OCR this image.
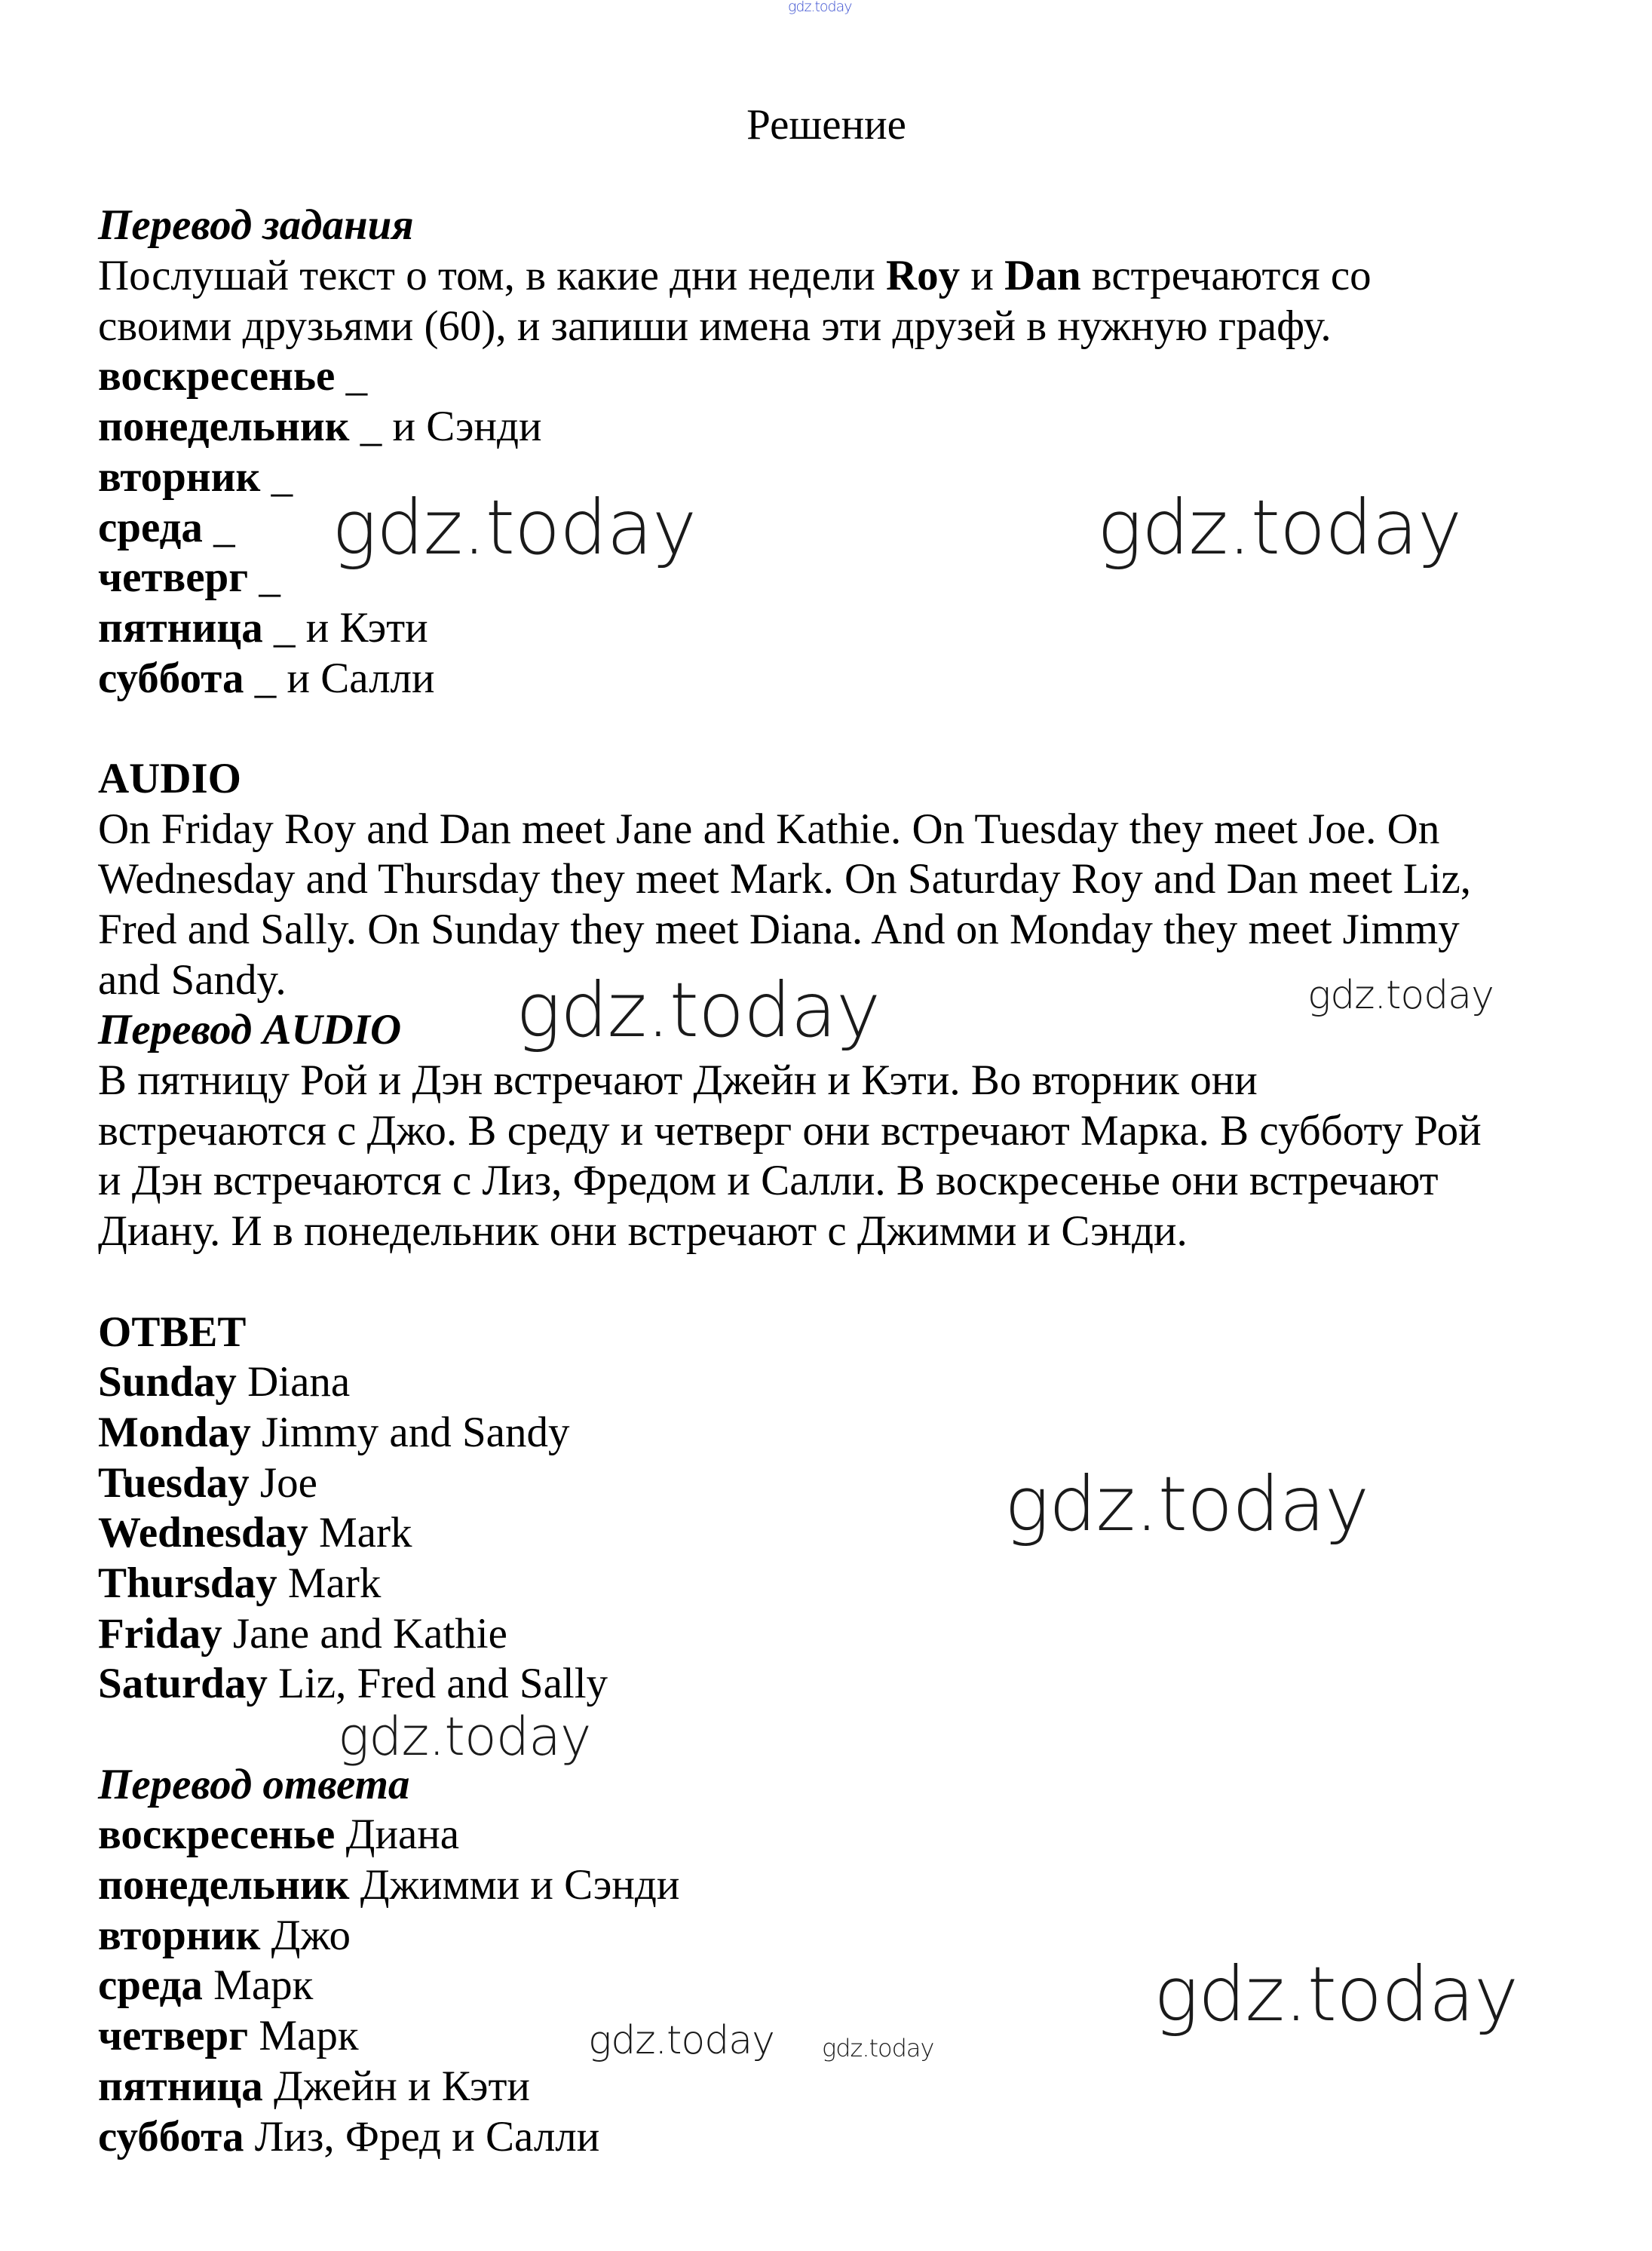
Решение
Перевод задания
Послушай текст о том, в какие дни недели Roy и Dan встречаются со
своими друзьями (60), и запиши имена эти друзей в нужную графу.
воскресенье _
понедельник _ и Сэнди
вторник _
среда _
четверг _
пятница _ и Кэти
суббота _ и Салли
AUDIO
On Friday Roy and Dan meet Jane and Kathie. On Tuesday they meet Joe. On
Wednesday and Thursday they meet Mark. On Saturday Roy and Dan meet Liz,
Fred and Sally. On Sunday they meet Diana. And on Monday they meet Jimmy
and Sandy.
Перевод AUDIO
В пятницу Рой и Дэн встречают Джейн и Кэти. Во вторник они
встречаются с Джо. В среду и четверг они встречают Марка. В субботу Рой
и Дэн встречаются с Лиз, Фредом и Салли. В воскресенье они встречают
Диану. И в понедельник они встречают с Джимми и Сэнди.
ОТВЕТ
Sunday Diana
Monday Jimmy and Sandy
Tuesday Joe
Wednesday Mark
Thursday Mark
Friday Jane and Kathie
Saturday Liz, Fred and Sally
Перевод ответа
воскресенье Диана
понедельник Джимми и Сэнди
вторник Джо
среда Марк
четверг Марк
пятница Джейн и Кэти
суббота Лиз, Фред и Салли
gdz.today
gdz.today	gdz.today
gdz.today	gdz.today
gdz.today
gdz.today
gdz.today
gdz.today gdz.today
